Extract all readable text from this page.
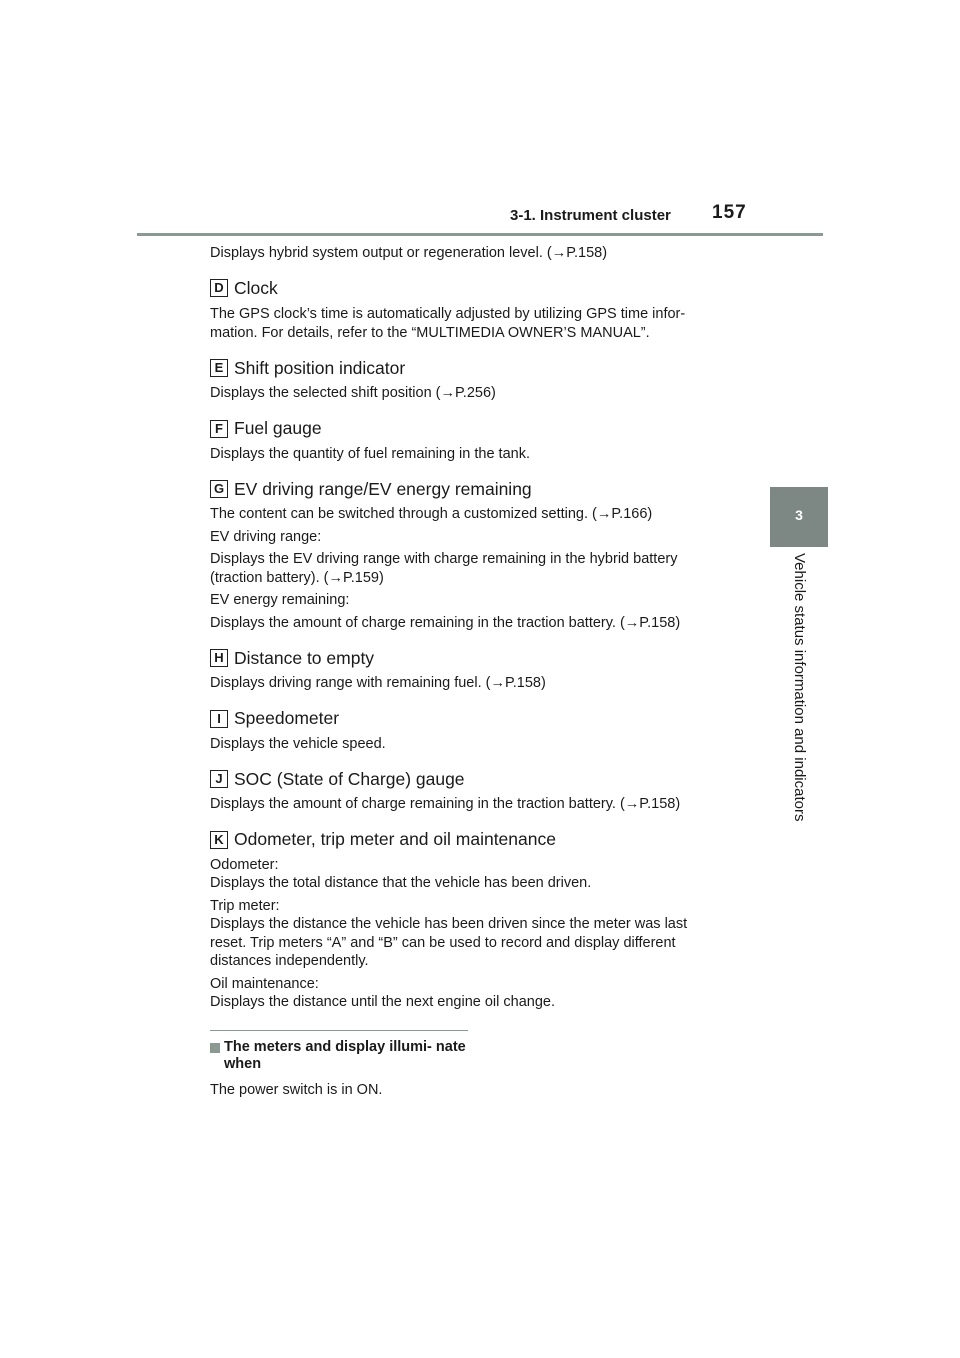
3-1. Instrument cluster 157
3
Vehicle status information and indicators
Displays hybrid system output or regeneration level. (→P.158)
D Clock
The GPS clock’s time is automatically adjusted by utilizing GPS time infor-
mation. For details, refer to the “MULTIMEDIA OWNER’S MANUAL”.
E Shift position indicator
Displays the selected shift position (→P.256)
F Fuel gauge
Displays the quantity of fuel remaining in the tank.
G EV driving range/EV energy remaining
The content can be switched through a customized setting. (→P.166)
EV driving range:
Displays the EV driving range with charge remaining in the hybrid battery
(traction battery). (→P.159)
EV energy remaining:
Displays the amount of charge remaining in the traction battery. (→P.158)
H Distance to empty
Displays driving range with remaining fuel. (→P.158)
I Speedometer
Displays the vehicle speed.
J SOC (State of Charge) gauge
Displays the amount of charge remaining in the traction battery. (→P.158)
K Odometer, trip meter and oil maintenance
Odometer:
Displays the total distance that the vehicle has been driven.
Trip meter:
Displays the distance the vehicle has been driven since the meter was last
reset. Trip meters “A” and “B” can be used to record and display different
distances independently.
Oil maintenance:
Displays the distance until the next engine oil change.
The meters and display illumi- nate when
The power switch is in ON.
